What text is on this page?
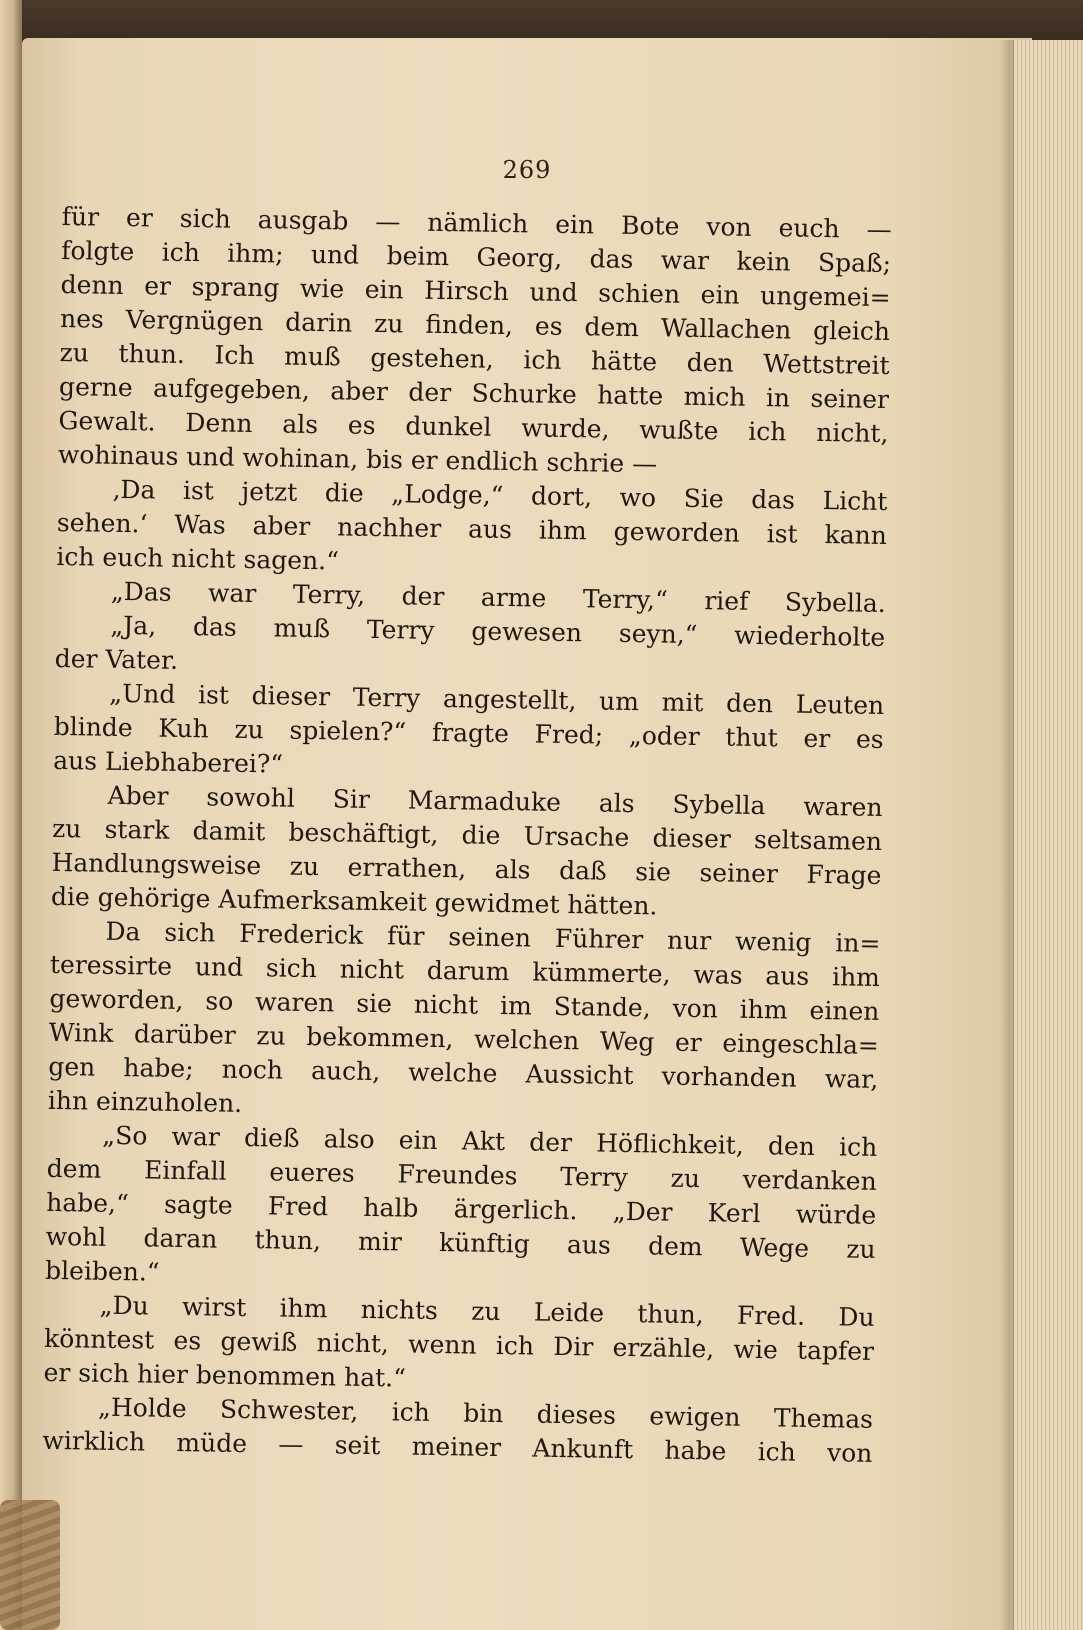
269
für er sich ausgab — nämlich ein Bote von euch —
folgte ich ihm; und beim Georg, das war kein Spaß;
denn er sprang wie ein Hirsch und schien ein ungemei=
nes Vergnügen darin zu finden, es dem Wallachen gleich
zu thun. Ich muß gestehen, ich hätte den Wettstreit
gerne aufgegeben, aber der Schurke hatte mich in seiner
Gewalt. Denn als es dunkel wurde, wußte ich nicht,
wohinaus und wohinan, bis er endlich schrie —
‚Da ist jetzt die „Lodge,“ dort, wo Sie das Licht
sehen.‘ Was aber nachher aus ihm geworden ist kann
ich euch nicht sagen.“
„Das war Terry, der arme Terry,“ rief Sybella.
„Ja, das muß Terry gewesen seyn,“ wiederholte
der Vater.
„Und ist dieser Terry angestellt, um mit den Leuten
blinde Kuh zu spielen?“ fragte Fred; „oder thut er es
aus Liebhaberei?“
Aber sowohl Sir Marmaduke als Sybella waren
zu stark damit beschäftigt, die Ursache dieser seltsamen
Handlungsweise zu errathen, als daß sie seiner Frage
die gehörige Aufmerksamkeit gewidmet hätten.
Da sich Frederick für seinen Führer nur wenig in=
teressirte und sich nicht darum kümmerte, was aus ihm
geworden, so waren sie nicht im Stande, von ihm einen
Wink darüber zu bekommen, welchen Weg er eingeschla=
gen habe; noch auch, welche Aussicht vorhanden war,
ihn einzuholen.
„So war dieß also ein Akt der Höflichkeit, den ich
dem Einfall eueres Freundes Terry zu verdanken
habe,“ sagte Fred halb ärgerlich. „Der Kerl würde
wohl daran thun, mir künftig aus dem Wege zu
bleiben.“
„Du wirst ihm nichts zu Leide thun, Fred. Du
könntest es gewiß nicht, wenn ich Dir erzähle, wie tapfer
er sich hier benommen hat.“
„Holde Schwester, ich bin dieses ewigen Themas
wirklich müde — seit meiner Ankunft habe ich von
